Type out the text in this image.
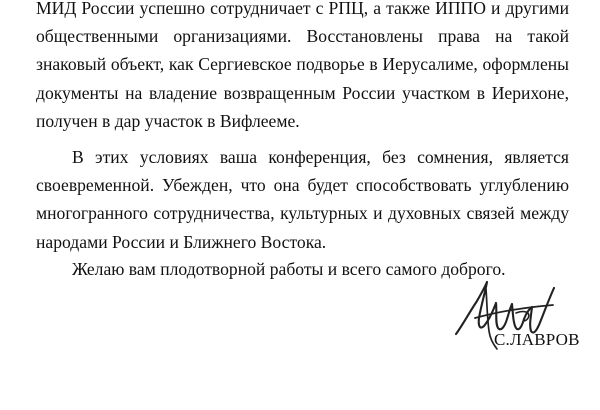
МИД России успешно сотрудничает с РПЦ, а также ИППО и другими общественными организациями. Восстановлены права на такой знаковый объект, как Сергиевское подворье в Иерусалиме, оформлены документы на владение возвращенным России участком в Иерихоне, получен в дар участок в Вифлееме.

В этих условиях ваша конференция, без сомнения, является своевременной. Убежден, что она будет способствовать углублению многогранного сотрудничества, культурных и духовных связей между народами России и Ближнего Востока.

Желаю вам плодотворной работы и всего самого доброго.

С.ЛАВРОВ
